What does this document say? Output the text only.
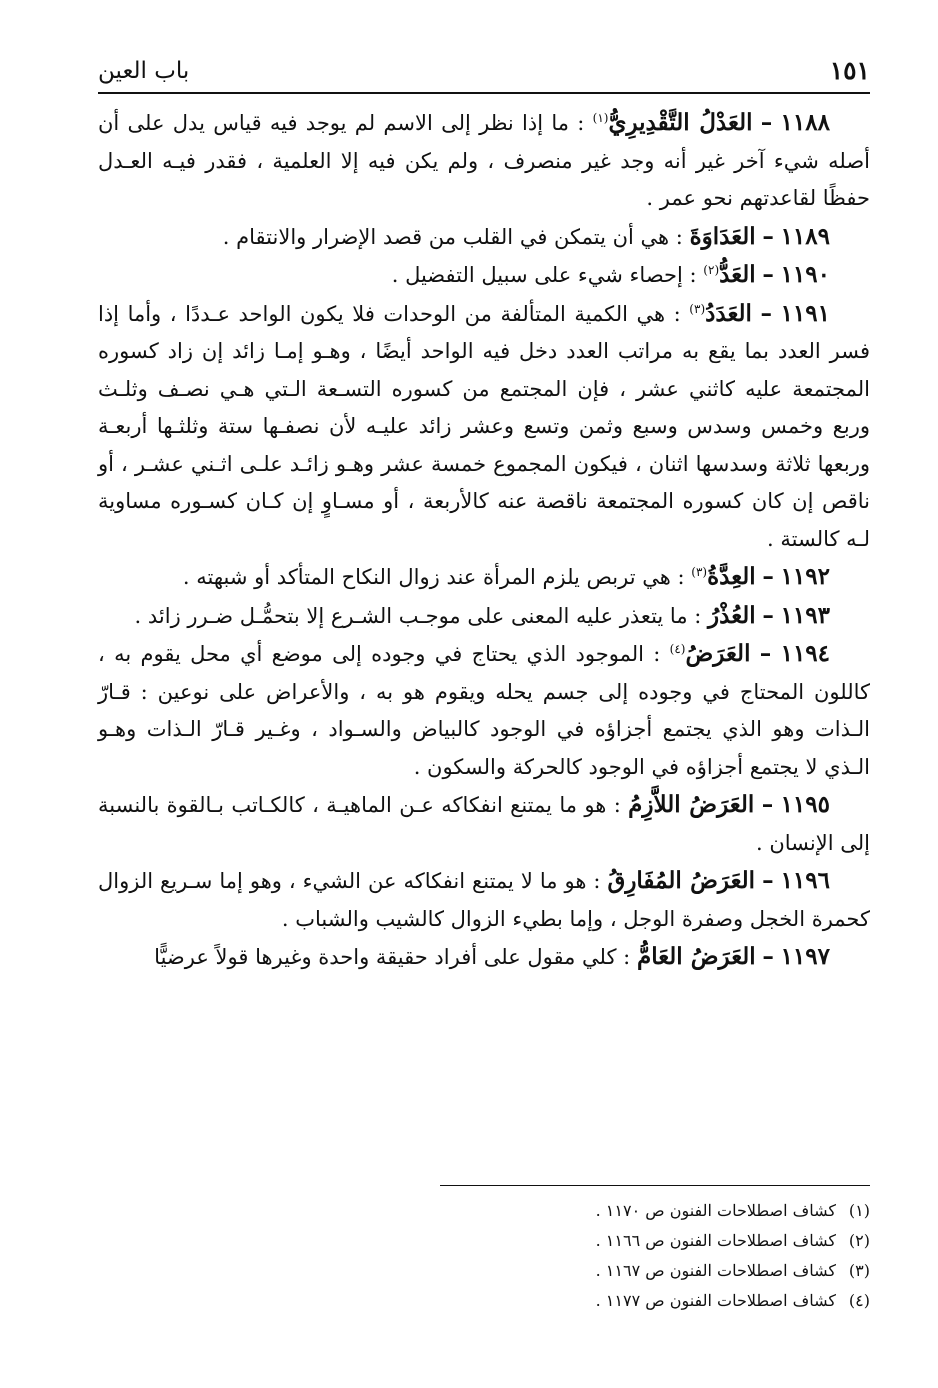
١٥١
باب العين

١١٨٨ – العَدْلُ التَّقْدِيرِيُّ$^{(١)}$ : ما إذا نظر إلى الاسم لم يوجد فيه قياس يدل على أن أصله شيء آخر غير أنه وجد غير منصرف ، ولم يكن فيه إلا العلمية ، فقدر فيـه العـدل حفظًا لقاعدتهم نحو عمر .

١١٨٩ – العَدَاوَةَ : هي أن يتمكن في القلب من قصد الإضرار والانتقام .

١١٩٠ – العَدُّ$^{(٢)}$ : إحصاء شيء على سبيل التفضيل .

١١٩١ – العَدَدُ$^{(٣)}$ : هي الكمية المتألفة من الوحدات فلا يكون الواحد عـددًا ، وأما إذا فسر العدد بما يقع به مراتب العدد دخل فيه الواحد أيضًا ، وهـو إمـا زائد إن زاد كسوره المجتمعة عليه كاثني عشر ، فإن المجتمع من كسوره التسـعة الـتي هـي نصـف وثلـث وربع وخمس وسدس وسبع وثمن وتسع وعشر زائد عليـه لأن نصفـها ستة وثلثـها أربعـة وربعها ثلاثة وسدسها اثنان ، فيكون المجموع خمسة عشر وهـو زائـد علـى اثـني عشـر ، أو ناقص إن كان كسوره المجتمعة ناقصة عنه كالأربعة ، أو مسـاوٍ إن كـان كسـوره مساوية لـه كالستة .

١١٩٢ – العِدَّةُ$^{(٣)}$ : هي تربص يلزم المرأة عند زوال النكاح المتأكد أو شبهته .

١١٩٣ – العُذْرُ : ما يتعذر عليه المعنى على موجـب الشـرع إلا بتحمُّـل ضـرر زائد .

١١٩٤ – العَرَضُ$^{(٤)}$ : الموجود الذي يحتاج في وجوده إلى موضع أي محل يقوم به ، كاللون المحتاج في وجوده إلى جسم يحله ويقوم هو به ، والأعراض على نوعين : قـارّ الـذات وهو الذي يجتمع أجزاؤه في الوجود كالبياض والسـواد ، وغـير قـارّ الـذات وهـو الـذي لا يجتمع أجزاؤه في الوجود كالحركة والسكون .

١١٩٥ – العَرَضُ اللاَّزِمُ : هو ما يمتنع انفكاكه عـن الماهيـة ، كالكـاتب بـالقوة بالنسبة إلى الإنسان .

١١٩٦ – العَرَضُ المُفَارِقُ : هو ما لا يمتنع انفكاكه عن الشيء ، وهو إما سـريع الزوال كحمرة الخجل وصفرة الوجل ، وإما بطيء الزوال كالشيب والشباب .

١١٩٧ – العَرَضُ العَامُّ : كلي مقول على أفراد حقيقة واحدة وغيرها قولاً عرضيًّا

(١)كشاف اصطلاحات الفنون ص ١١٧٠ .
(٢)كشاف اصطلاحات الفنون ص ١١٦٦ .
(٣)كشاف اصطلاحات الفنون ص ١١٦٧ .
(٤)كشاف اصطلاحات الفنون ص ١١٧٧ .
